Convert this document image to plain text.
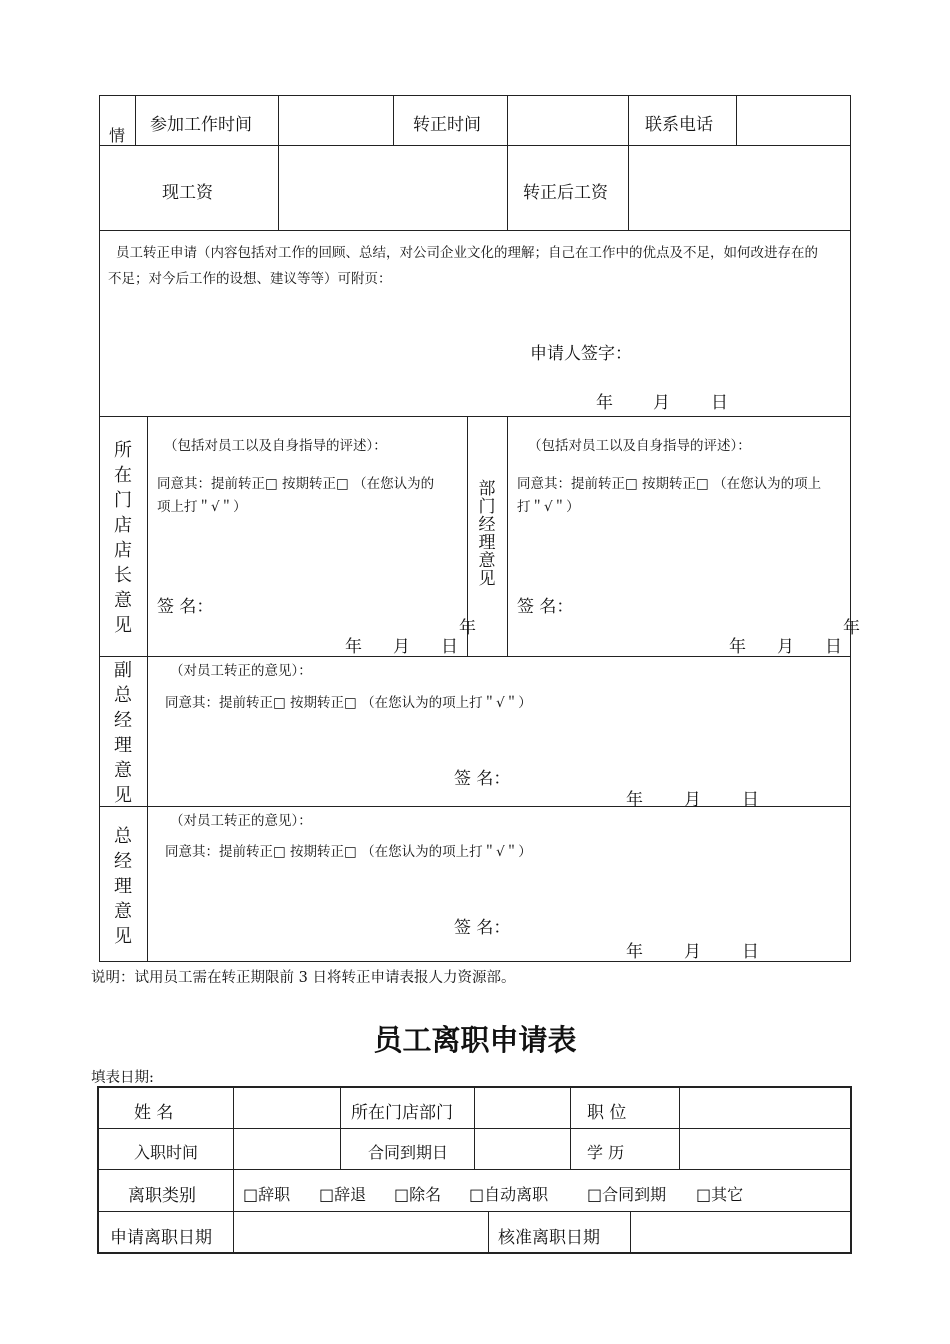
情
参加工作时间	转正时间	联系电话
现工资	转正后工资
员工转正申请（内容包括对工作的回顾、总结，对公司企业文化的理解；自己在工作中的优点及不足，如何改进存在的
不足；对今后工作的设想、建议等等）可附页：
申请人签字：
年 月 日
所在门店店长意见
（包括对员工以及自身指导的评述）：
同意其：提前转正□ 按期转正□ （在您认为的
项上打＂√＂）
签 名：
年
年 月 日
部门经理意见
（包括对员工以及自身指导的评述）：
同意其：提前转正□ 按期转正□ （在您认为的项上
打＂√＂）
签 名：
年
年 月 日
副总经理意见
（对员工转正的意见）：
同意其：提前转正□ 按期转正□ （在您认为的项上打＂√＂）
签 名：
年 月 日
总经理意见
（对员工转正的意见）：
同意其：提前转正□ 按期转正□ （在您认为的项上打＂√＂）
签 名：
年 月 日
说明：试用员工需在转正期限前 3 日将转正申请表报人力资源部。
员工离职申请表
填表日期:
姓 名	所在门店部门	职 位
入职时间	合同到期日	学 历
离职类别	□辞职 □辞退 □除名 □自动离职 □合同到期 □其它
申请离职日期	核准离职日期
